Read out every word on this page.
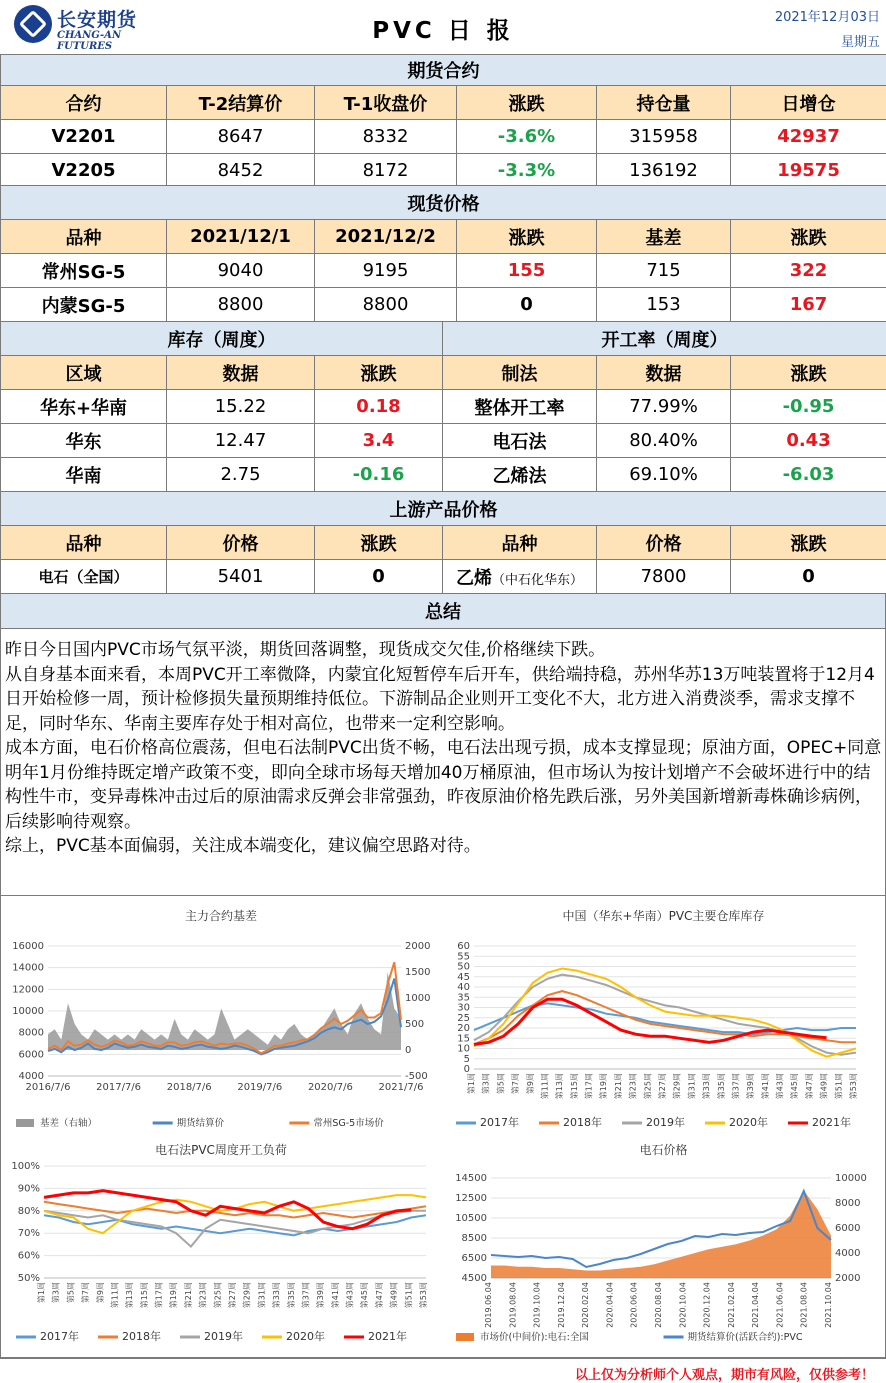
长安期货
CHANG-AN FUTURES
PVC 日 报
2021年12月03日
星期五
期货合约					
合约	T-2结算价	T-1收盘价	涨跌	持仓量	日增仓
V2201	8647	8332	-3.6%	315958	42937
V2205	8452	8172	-3.3%	136192	19575
现货价格					
品种	2021/12/1	2021/12/2	涨跌	基差	涨跌
常州SG-5	9040	9195	155	715	322
内蒙SG-5	8800	8800	0	153	167
库存（周度）			开工率（周度）		
区域	数据	涨跌	制法	数据	涨跌
华东+华南	15.22	0.18	整体开工率	77.99%	-0.95
华东	12.47	3.4	电石法	80.40%	0.43
华南	2.75	-0.16	乙烯法	69.10%	-6.03
上游产品价格					
品种	价格	涨跌	品种	价格	涨跌
电石（全国）	5401	0	乙烯（中石化华东）	7800	0
总结

昨日今日国内PVC市场气氛平淡，期货回落调整，现货成交欠佳,价格继续下跌。

从自身基本面来看，本周PVC开工率微降，内蒙宜化短暂停车后开车，供给端持稳，苏州华苏13万吨装置将于12月4日开始检修一周，预计检修损失量预期维持低位。下游制品企业则开工变化不大，北方进入消费淡季，需求支撑不足，同时华东、华南主要库存处于相对高位，也带来一定利空影响。

成本方面，电石价格高位震荡，但电石法制PVC出货不畅，电石法出现亏损，成本支撑显现；原油方面，OPEC+同意明年1月份维持既定增产政策不变，即向全球市场每天增加40万桶原油，但市场认为按计划增产不会破坏进行中的结构性牛市，变异毒株冲击过后的原油需求反弹会非常强劲，昨夜原油价格先跌后涨，另外美国新增新毒株确诊病例，后续影响待观察。

综上，PVC基本面偏弱，关注成本端变化，建议偏空思路对待。

主力合约基差
4000
6000
8000
10000
12000
14000
16000
-500
0
500
1000
1500
2000
2016/7/6	2017/7/6	2018/7/6	2019/7/6	2020/7/6	2021/7/6
基差（右轴）	期货结算价	常州SG-5市场价
中国（华东+华南）PVC主要仓库库存
0
5
10
15
20
25
30
35
40
45
50
55
60
第1周 第3周 第5周 第7周 第9周 第11周 第13周 第15周 第17周 第19周 第21周 第23周 第25周 第27周 第29周 第31周 第33周 第35周 第37周 第39周 第41周 第43周 第45周 第47周 第49周 第51周 第53周
2017年	2018年	2019年	2020年	2021年
电石法PVC周度开工负荷
50%
60%
70%
80%
90%
100%
第1周 第3周 第5周 第7周 第9周 第11周 第13周 第15周 第17周 第19周 第21周 第23周 第25周 第27周 第29周 第31周 第33周 第35周 第37周 第39周 第41周 第43周 第45周 第47周 第49周 第51周 第53周
2017年	2018年	2019年	2020年	2021年
电石价格
4500
6500
8500
10500
12500
14500
2000
4000
6000
8000
10000
2019.06.04 2019.08.04 2019.10.04 2019.12.04 2020.02.04 2020.04.04 2020.06.04 2020.08.04 2020.10.04 2020.12.04 2021.02.04 2021.04.04 2021.06.04 2021.08.04 2021.10.04
市场价(中间价):电石:全国	期货结算价(活跃合约):PVC
以上仅为分析师个人观点，期市有风险，仅供参考！
